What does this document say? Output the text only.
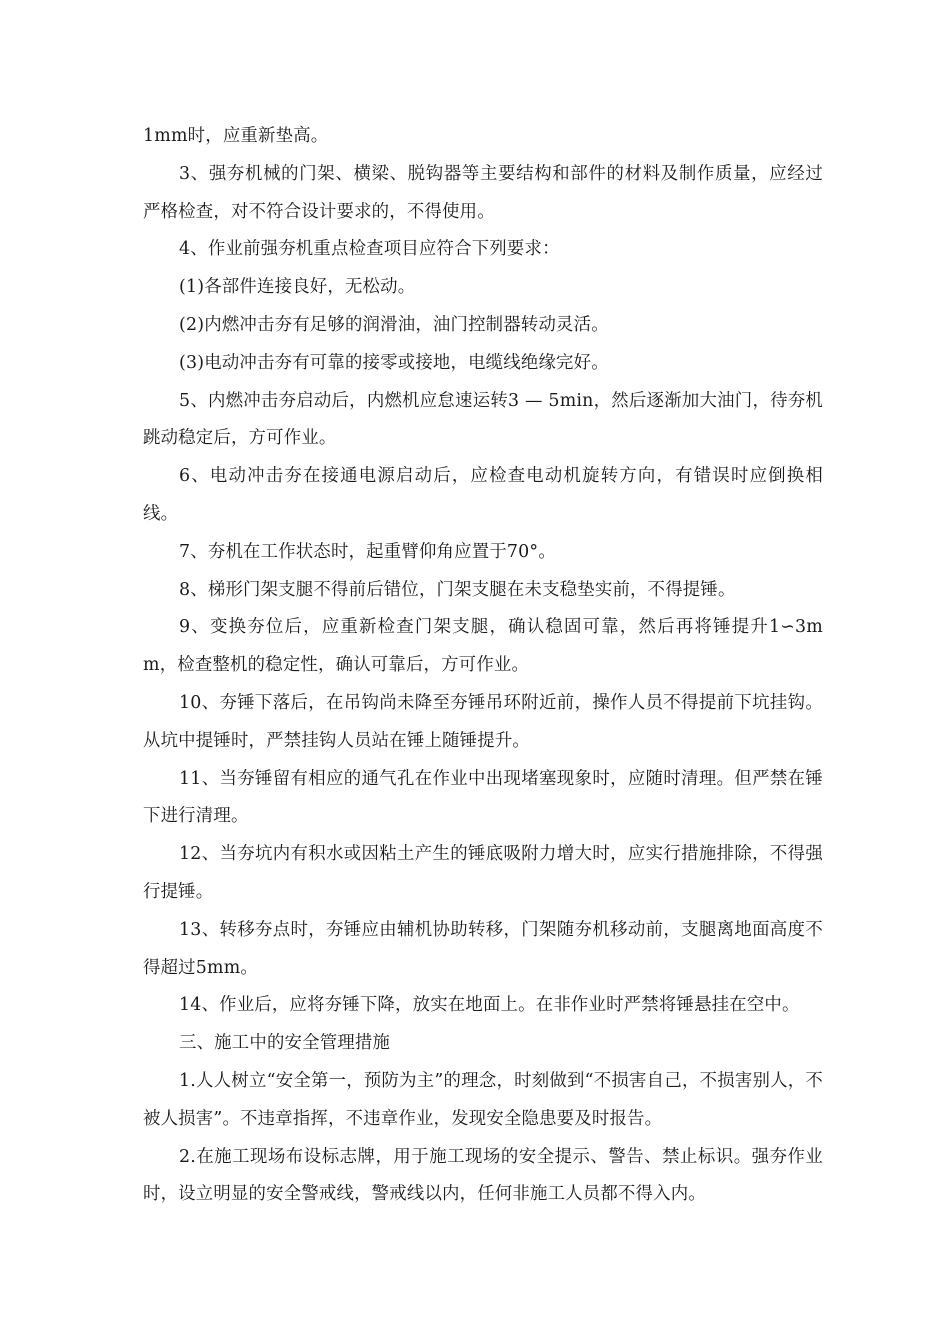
1mm时，应重新垫高。

3、强夯机械的门架、横梁、脱钩器等主要结构和部件的材料及制作质量，应经过严格检查，对不符合设计要求的，不得使用。

4、作业前强夯机重点检查项目应符合下列要求：

(1)各部件连接良好，无松动。

(2)内燃冲击夯有足够的润滑油，油门控制器转动灵活。

(3)电动冲击夯有可靠的接零或接地，电缆线绝缘完好。

5、内燃冲击夯启动后，内燃机应怠速运转3 — 5min，然后逐渐加大油门，待夯机跳动稳定后，方可作业。

6、电动冲击夯在接通电源启动后，应检查电动机旋转方向，有错误时应倒换相线。

7、夯机在工作状态时，起重臂仰角应置于70°。

8、梯形门架支腿不得前后错位，门架支腿在未支稳垫实前，不得提锤。

9、变换夯位后，应重新检查门架支腿，确认稳固可靠，然后再将锤提升1∽3mm，检查整机的稳定性，确认可靠后，方可作业。

10、夯锤下落后，在吊钩尚未降至夯锤吊环附近前，操作人员不得提前下坑挂钩。从坑中提锤时，严禁挂钩人员站在锤上随锤提升。

11、当夯锤留有相应的通气孔在作业中出现堵塞现象时，应随时清理。但严禁在锤下进行清理。

12、当夯坑内有积水或因粘土产生的锤底吸附力增大时，应实行措施排除，不得强行提锤。

13、转移夯点时，夯锤应由辅机协助转移，门架随夯机移动前，支腿离地面高度不得超过5mm。

14、作业后，应将夯锤下降，放实在地面上。在非作业时严禁将锤悬挂在空中。

三、施工中的安全管理措施

1.人人树立“安全第一，预防为主”的理念，时刻做到“不损害自己，不损害别人，不被人损害”。不违章指挥，不违章作业，发现安全隐患要及时报告。

2.在施工现场布设标志牌，用于施工现场的安全提示、警告、禁止标识。强夯作业时，设立明显的安全警戒线，警戒线以内，任何非施工人员都不得入内。
